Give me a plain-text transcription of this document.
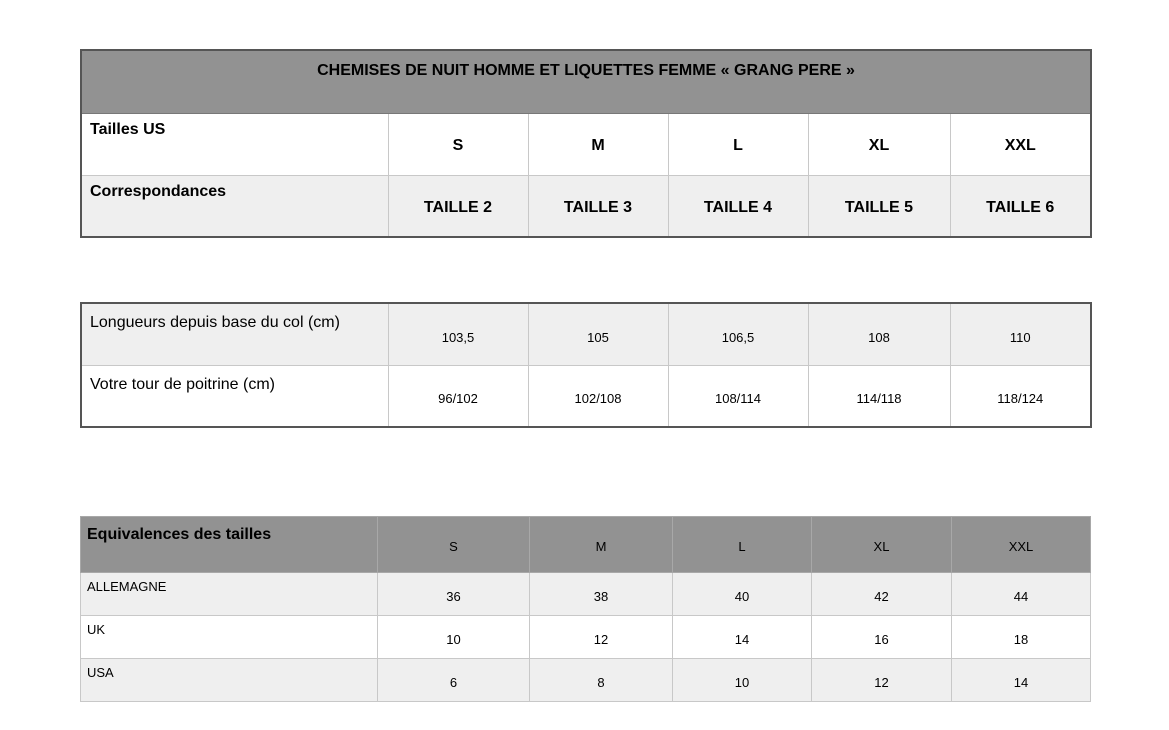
CHEMISES DE NUIT HOMME ET LIQUETTES FEMME « GRANG PERE »					
Tailles US	S	M	L	XL	XXL
Correspondances	TAILLE 2	TAILLE 3	TAILLE 4	TAILLE 5	TAILLE 6
Longueurs depuis base du col (cm)	103,5	105	106,5	108	110
Votre tour de poitrine (cm)	96/102	102/108	108/114	114/118	118/124
Equivalences des tailles	S	M	L	XL	XXL
ALLEMAGNE	36	38	40	42	44
UK	10	12	14	16	18
USA	6	8	10	12	14
